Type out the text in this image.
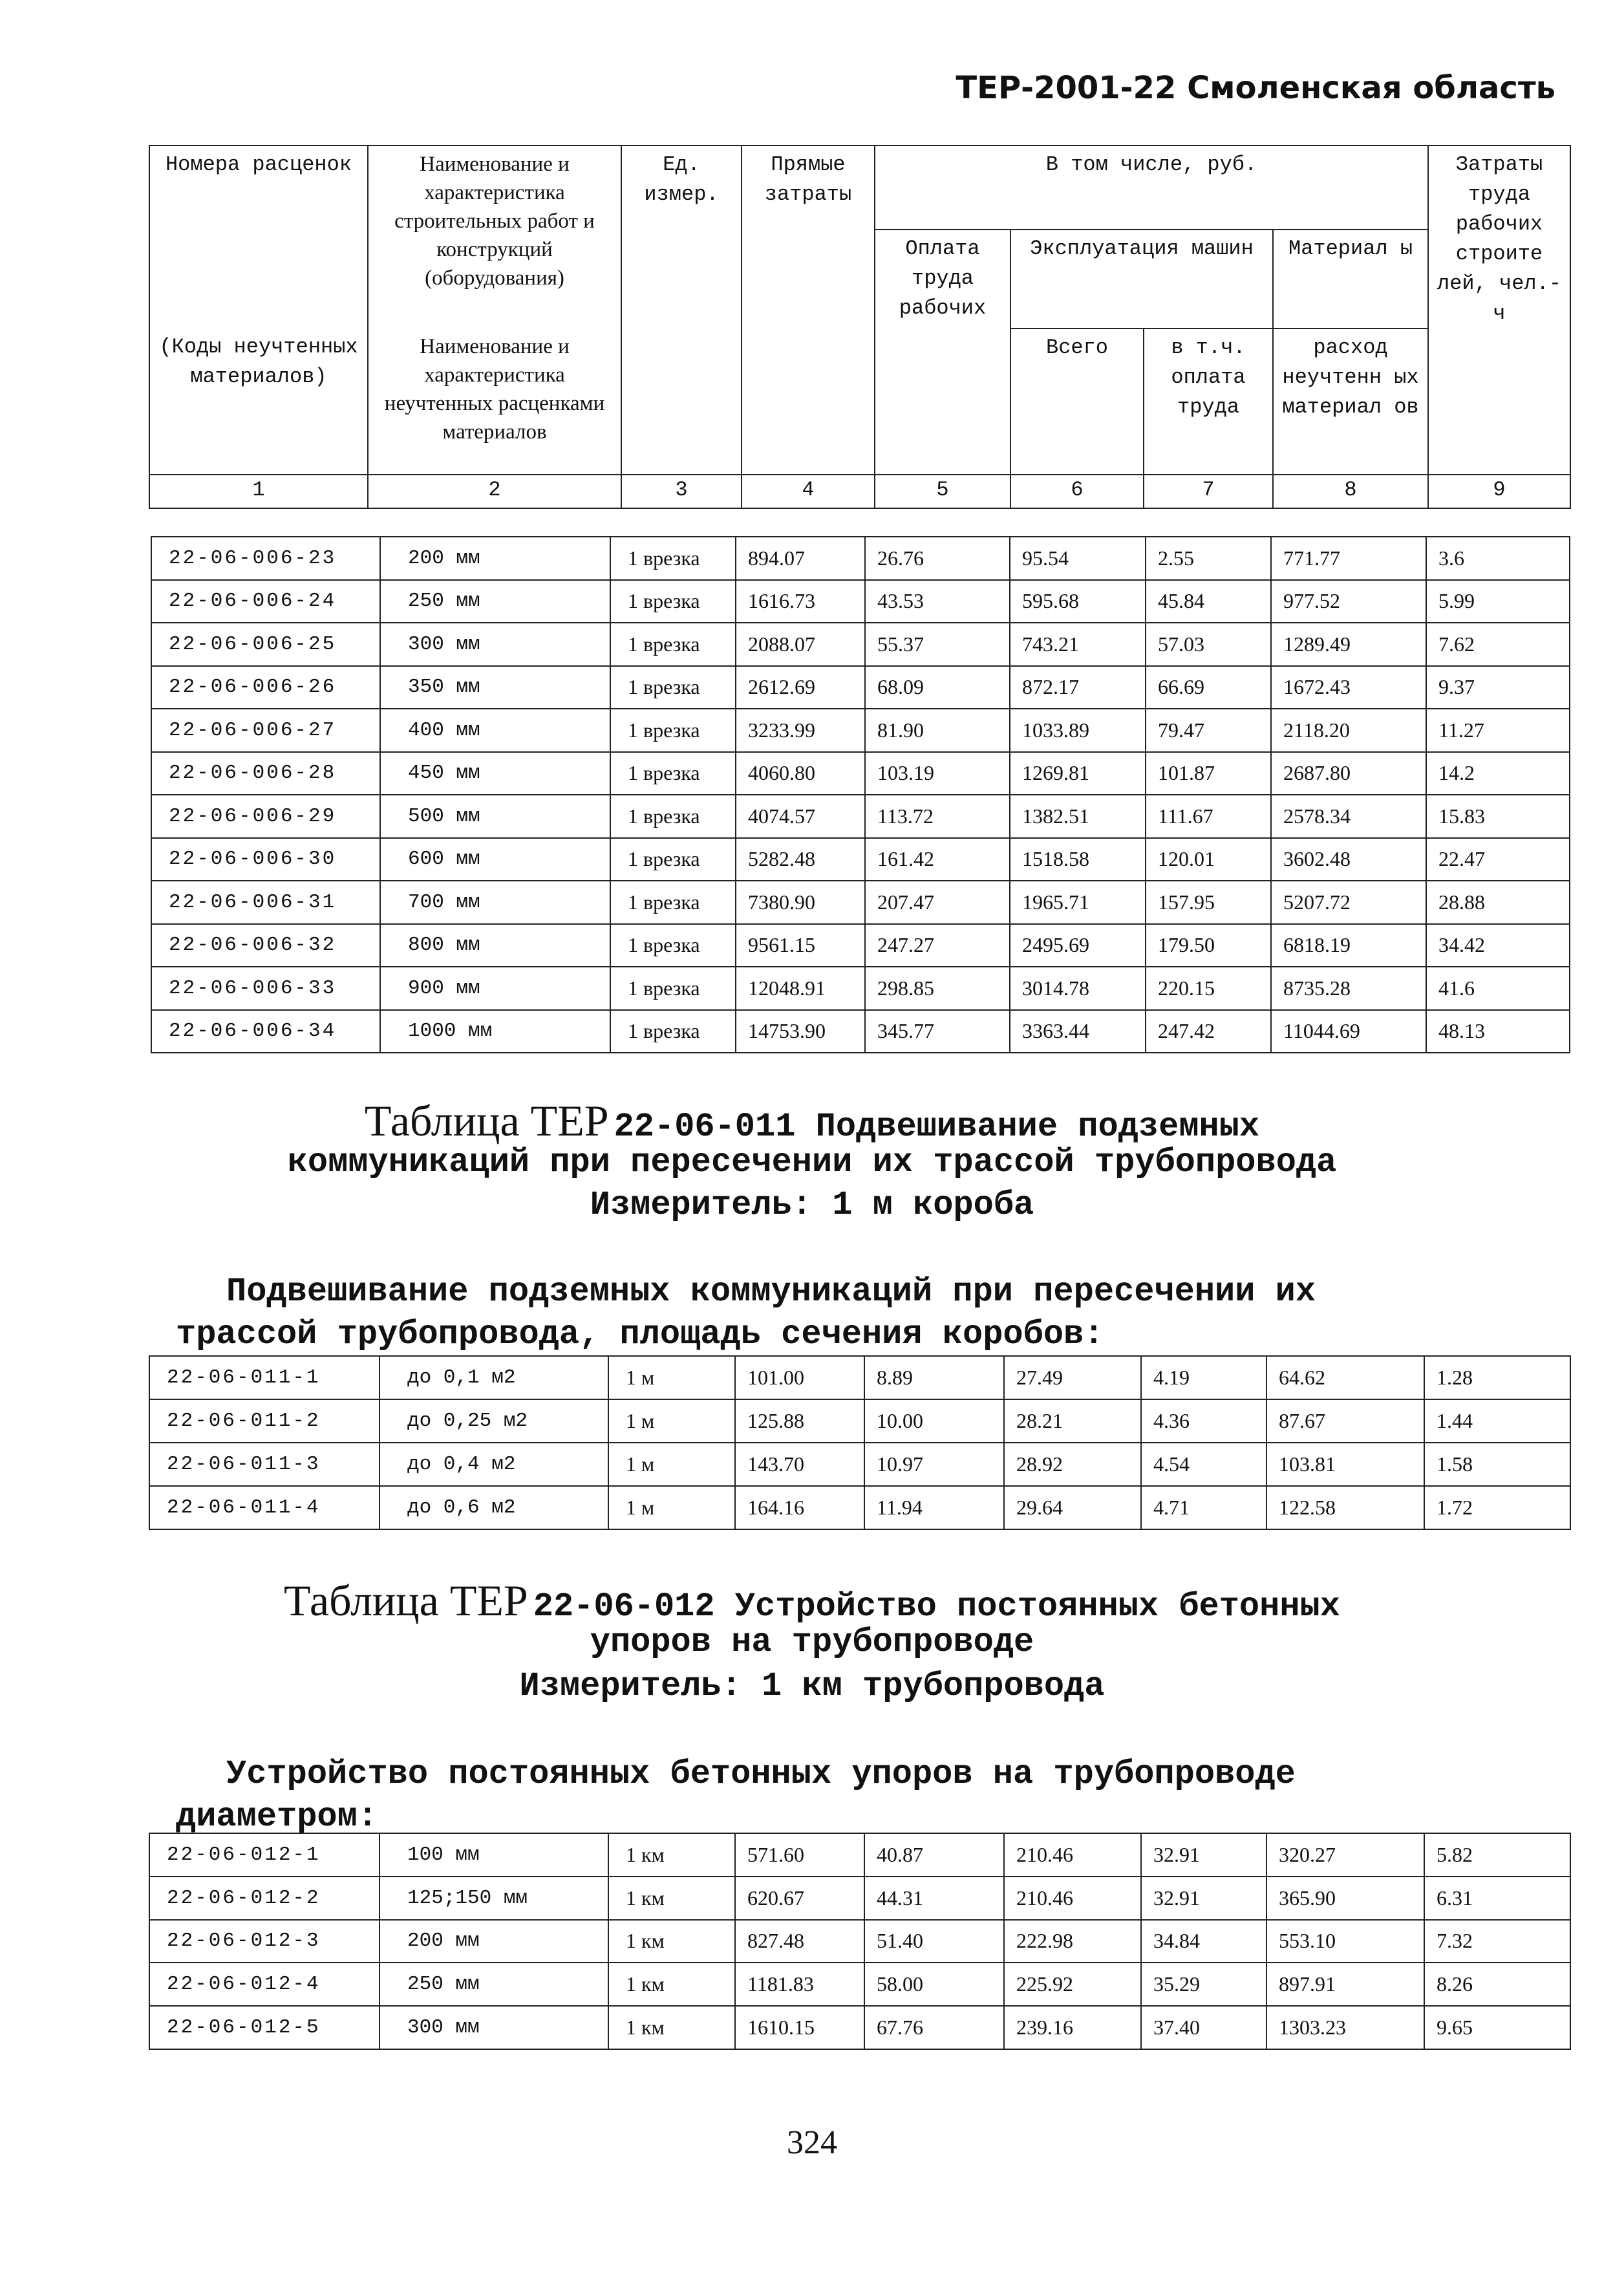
ТЕР-2001-22 Смоленская область
Номера расценок	Наименование и характеристика строительных работ и конструкций (оборудования)	Ед. измер.	Прямые затраты	В том числе, руб.				Затраты труда рабочих строите лей, чел.-ч
				Оплата труда рабочих	Эксплуатация машин		Материал ы	
(Коды неучтенных материалов)	Наименование и характеристика неучтенных расценками материалов				Всего	в т.ч. оплата труда	расход неучтенн ых материал ов	
1	2	3	4	5	6	7	8	9
22-06-006-23	200 мм	1 врезка	894.07	26.76	95.54	2.55	771.77	3.6
22-06-006-24	250 мм	1 врезка	1616.73	43.53	595.68	45.84	977.52	5.99
22-06-006-25	300 мм	1 врезка	2088.07	55.37	743.21	57.03	1289.49	7.62
22-06-006-26	350 мм	1 врезка	2612.69	68.09	872.17	66.69	1672.43	9.37
22-06-006-27	400 мм	1 врезка	3233.99	81.90	1033.89	79.47	2118.20	11.27
22-06-006-28	450 мм	1 врезка	4060.80	103.19	1269.81	101.87	2687.80	14.2
22-06-006-29	500 мм	1 врезка	4074.57	113.72	1382.51	111.67	2578.34	15.83
22-06-006-30	600 мм	1 врезка	5282.48	161.42	1518.58	120.01	3602.48	22.47
22-06-006-31	700 мм	1 врезка	7380.90	207.47	1965.71	157.95	5207.72	28.88
22-06-006-32	800 мм	1 врезка	9561.15	247.27	2495.69	179.50	6818.19	34.42
22-06-006-33	900 мм	1 врезка	12048.91	298.85	3014.78	220.15	8735.28	41.6
22-06-006-34	1000 мм	1 врезка	14753.90	345.77	3363.44	247.42	11044.69	48.13
Таблица ТЕР 22-06-011 Подвешивание подземных
коммуникаций при пересечении их трассой трубопровода
Измеритель: 1 м короба
Подвешивание подземных коммуникаций при пересечении их
трассой трубопровода, площадь сечения коробов:
22-06-011-1	до 0,1 м2	1 м	101.00	8.89	27.49	4.19	64.62	1.28
22-06-011-2	до 0,25 м2	1 м	125.88	10.00	28.21	4.36	87.67	1.44
22-06-011-3	до 0,4 м2	1 м	143.70	10.97	28.92	4.54	103.81	1.58
22-06-011-4	до 0,6 м2	1 м	164.16	11.94	29.64	4.71	122.58	1.72
Таблица ТЕР 22-06-012 Устройство постоянных бетонных
упоров на трубопроводе
Измеритель: 1 км трубопровода
Устройство постоянных бетонных упоров на трубопроводе
диаметром:
22-06-012-1	100 мм	1 км	571.60	40.87	210.46	32.91	320.27	5.82
22-06-012-2	125;150 мм	1 км	620.67	44.31	210.46	32.91	365.90	6.31
22-06-012-3	200 мм	1 км	827.48	51.40	222.98	34.84	553.10	7.32
22-06-012-4	250 мм	1 км	1181.83	58.00	225.92	35.29	897.91	8.26
22-06-012-5	300 мм	1 км	1610.15	67.76	239.16	37.40	1303.23	9.65
324
